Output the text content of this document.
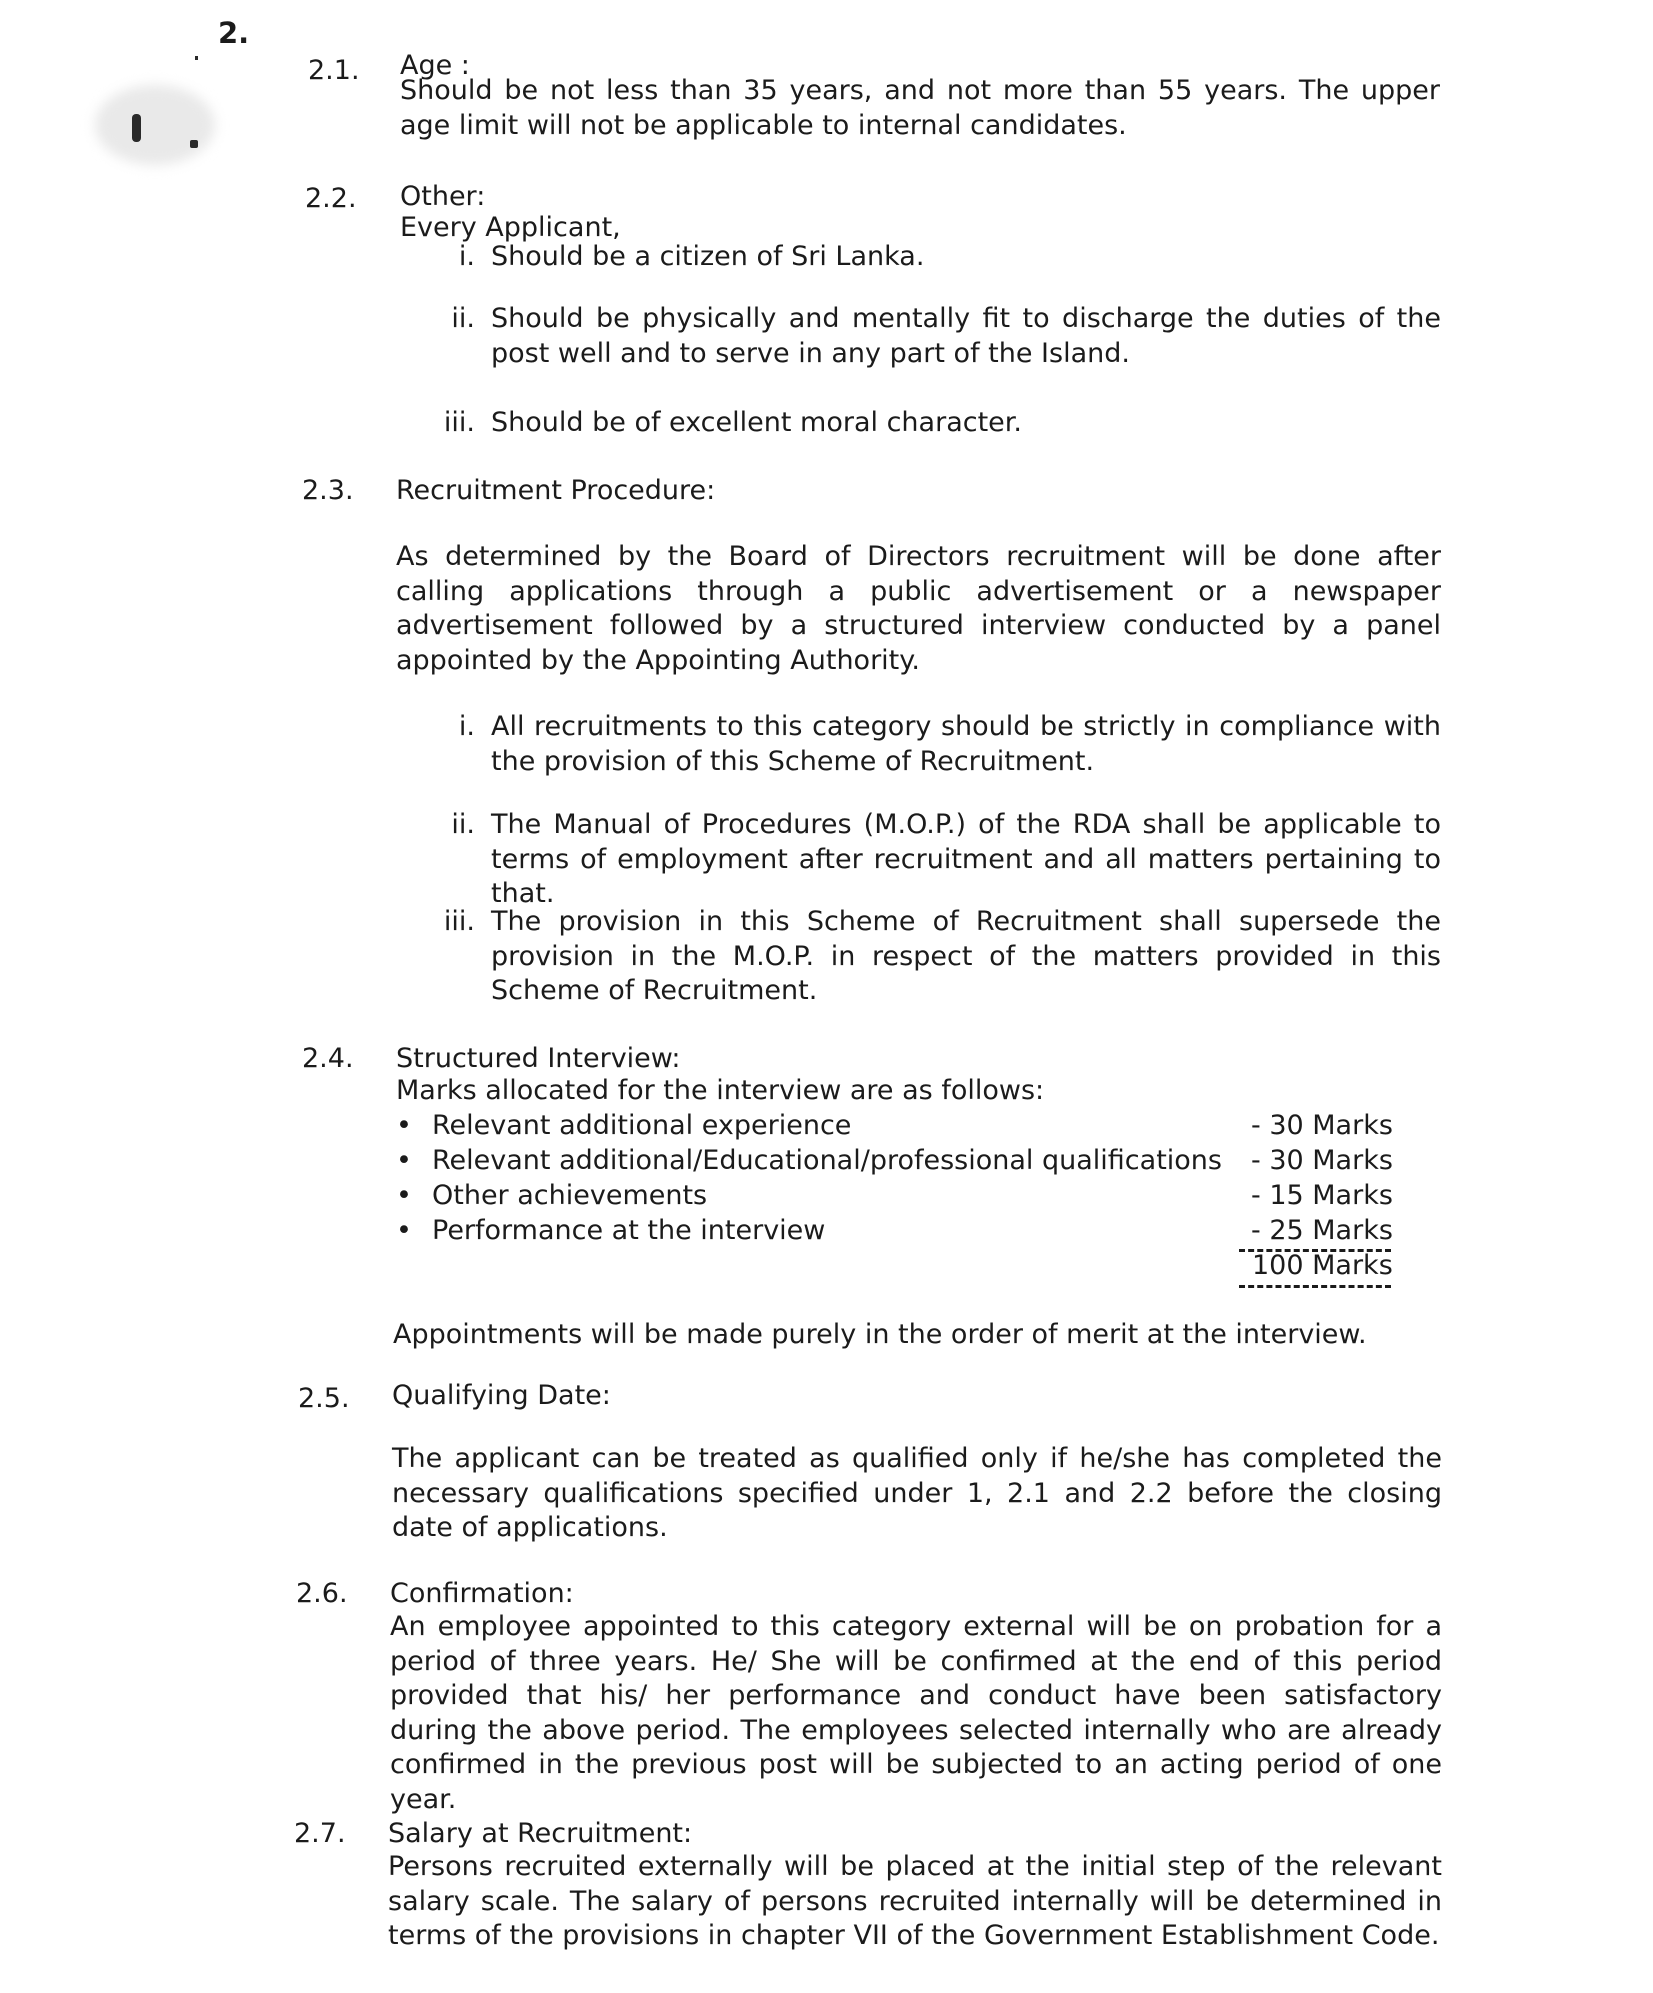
2.
2.1. Age :
Should be not less than 35 years, and not more than 55 years. The upper age limit will not be applicable to internal candidates.
2.2. Other:
Every Applicant,
i. Should be a citizen of Sri Lanka.
ii. Should be physically and mentally fit to discharge the duties of the post well and to serve in any part of the Island.
iii. Should be of excellent moral character.
2.3. Recruitment Procedure:
As determined by the Board of Directors recruitment will be done after calling applications through a public advertisement or a newspaper advertisement followed by a structured interview conducted by a panel appointed by the Appointing Authority.
i. All recruitments to this category should be strictly in compliance with the provision of this Scheme of Recruitment.
ii. The Manual of Procedures (M.O.P.) of the RDA shall be applicable to terms of employment after recruitment and all matters pertaining to that.
iii. The provision in this Scheme of Recruitment shall supersede the provision in the M.O.P. in respect of the matters provided in this Scheme of Recruitment.
2.4. Structured Interview:
Marks allocated for the interview are as follows:
• Relevant additional experience	- 30 Marks
• Relevant additional/Educational/professional qualifications - 30 Marks
• Other achievements	- 15 Marks
• Performance at the interview	- 25 Marks
100 Marks
Appointments will be made purely in the order of merit at the interview.
2.5. Qualifying Date:
The applicant can be treated as qualified only if he/she has completed the necessary qualifications specified under 1, 2.1 and 2.2 before the closing date of applications.
2.6. Confirmation:
An employee appointed to this category external will be on probation for a period of three years. He/ She will be confirmed at the end of this period provided that his/ her performance and conduct have been satisfactory during the above period. The employees selected internally who are already confirmed in the previous post will be subjected to an acting period of one year.
2.7. Salary at Recruitment:
Persons recruited externally will be placed at the initial step of the relevant salary scale. The salary of persons recruited internally will be determined in terms of the provisions in chapter VII of the Government Establishment Code.
